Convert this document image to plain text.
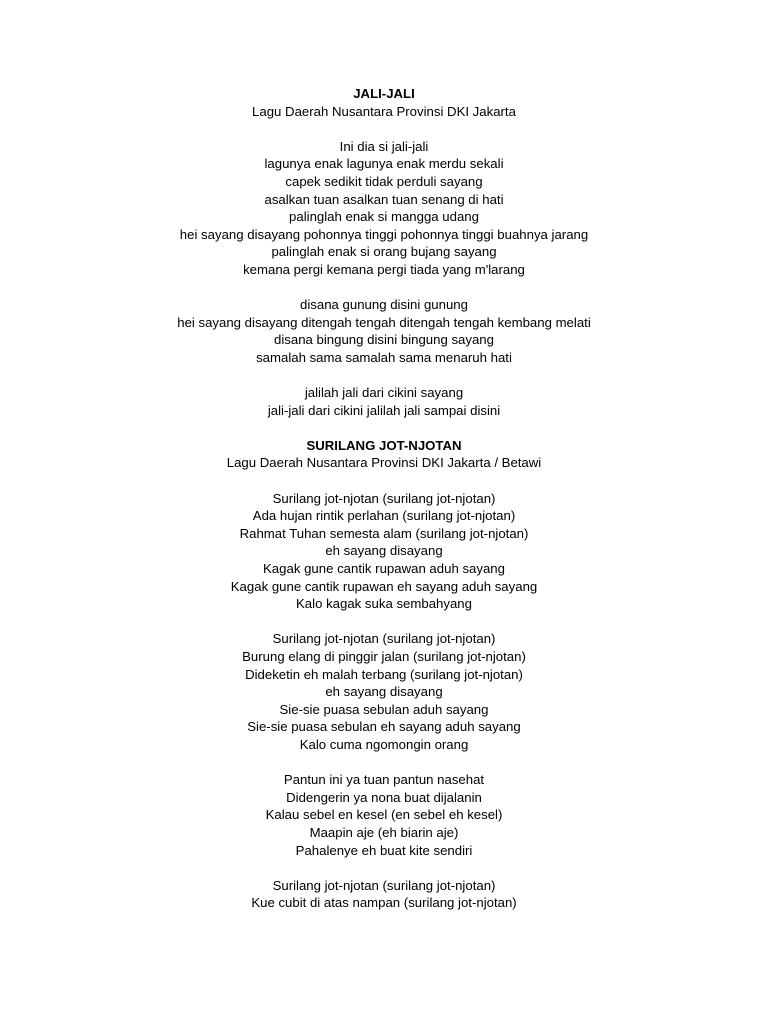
JALI-JALI
Lagu Daerah Nusantara Provinsi DKI Jakarta
Ini dia si jali-jali
lagunya enak lagunya enak merdu sekali
capek sedikit tidak perduli sayang
asalkan tuan asalkan tuan senang di hati
palinglah enak si mangga udang
hei sayang disayang pohonnya tinggi pohonnya tinggi buahnya jarang
palinglah enak si orang bujang sayang
kemana pergi kemana pergi tiada yang m'larang
disana gunung disini gunung
hei sayang disayang ditengah tengah ditengah tengah kembang melati
disana bingung disini bingung sayang
samalah sama samalah sama menaruh hati
jalilah jali dari cikini sayang
jali-jali dari cikini jalilah jali sampai disini
SURILANG JOT-NJOTAN
Lagu Daerah Nusantara Provinsi DKI Jakarta / Betawi
Surilang jot-njotan (surilang jot-njotan)
Ada hujan rintik perlahan (surilang jot-njotan)
Rahmat Tuhan semesta alam (surilang jot-njotan)
eh sayang disayang
Kagak gune cantik rupawan aduh sayang
Kagak gune cantik rupawan eh sayang aduh sayang
Kalo kagak suka sembahyang
Surilang jot-njotan (surilang jot-njotan)
Burung elang di pinggir jalan (surilang jot-njotan)
Dideketin eh malah terbang (surilang jot-njotan)
eh sayang disayang
Sie-sie puasa sebulan aduh sayang
Sie-sie puasa sebulan eh sayang aduh sayang
Kalo cuma ngomongin orang
Pantun ini ya tuan pantun nasehat
Didengerin ya nona buat dijalanin
Kalau sebel en kesel (en sebel eh kesel)
Maapin aje (eh biarin aje)
Pahalenye eh buat kite sendiri
Surilang jot-njotan (surilang jot-njotan)
Kue cubit di atas nampan (surilang jot-njotan)
